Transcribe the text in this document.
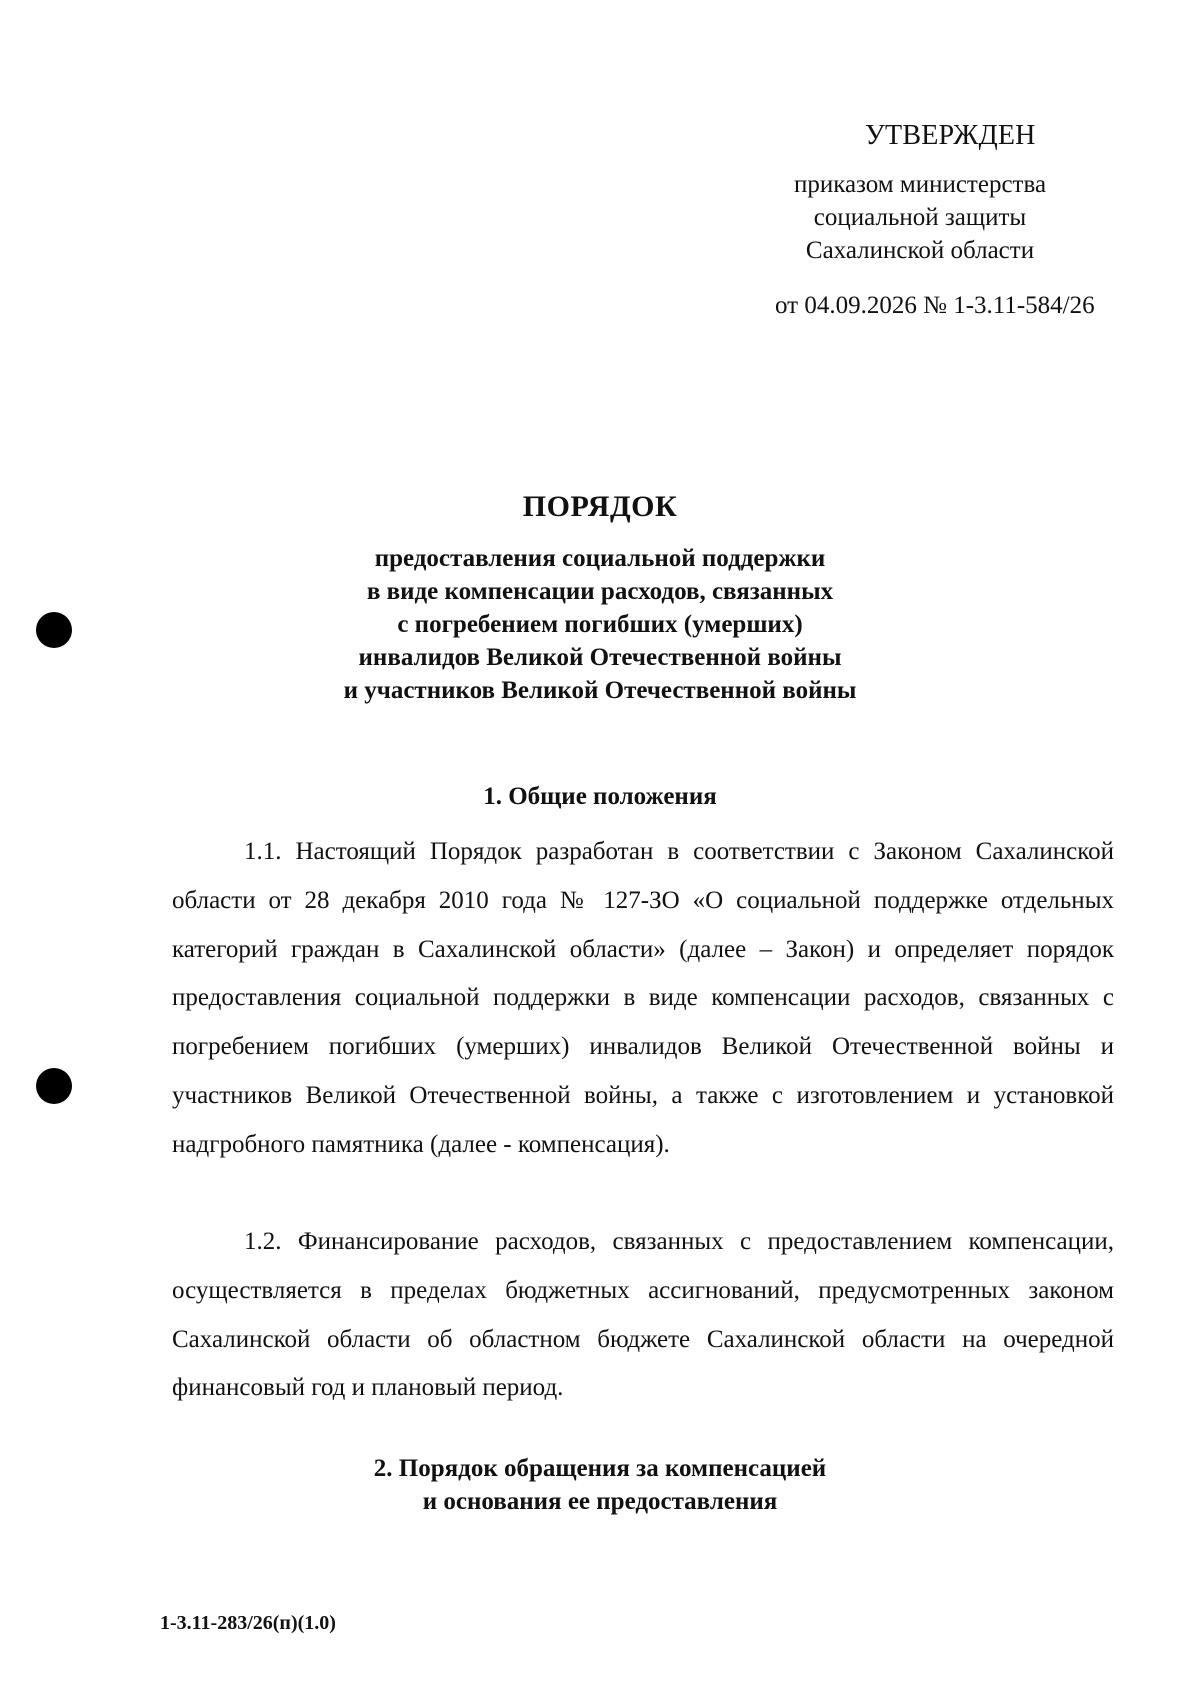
УТВЕРЖДЕН
приказом министерства
социальной защиты
Сахалинской области
от 04.09.2026 № 1-3.11-584/26
ПОРЯДОК
предоставления социальной поддержки
в виде компенсации расходов, связанных
с погребением погибших (умерших)
инвалидов Великой Отечественной войны
и участников Великой Отечественной войны
1. Общие положения

1.1. Настоящий Порядок разработан в соответствии с Законом Сахалинской области от 28 декабря 2010 года № 127-ЗО «О социальной поддержке отдельных категорий граждан в Сахалинской области» (далее – Закон) и определяет порядок предоставления социальной поддержки в виде компенсации расходов, связанных с погребением погибших (умерших) инвалидов Великой Отечественной войны и участников Великой Отечественной войны, а также с изготовлением и установкой надгробного памятника (далее - компенсация).

1.2. Финансирование расходов, связанных с предоставлением компенсации, осуществляется в пределах бюджетных ассигнований, предусмотренных законом Сахалинской области об областном бюджете Сахалинской области на очередной финансовый год и плановый период.

2. Порядок обращения за компенсацией
и основания ее предоставления
1-3.11-283/26(п)(1.0)
